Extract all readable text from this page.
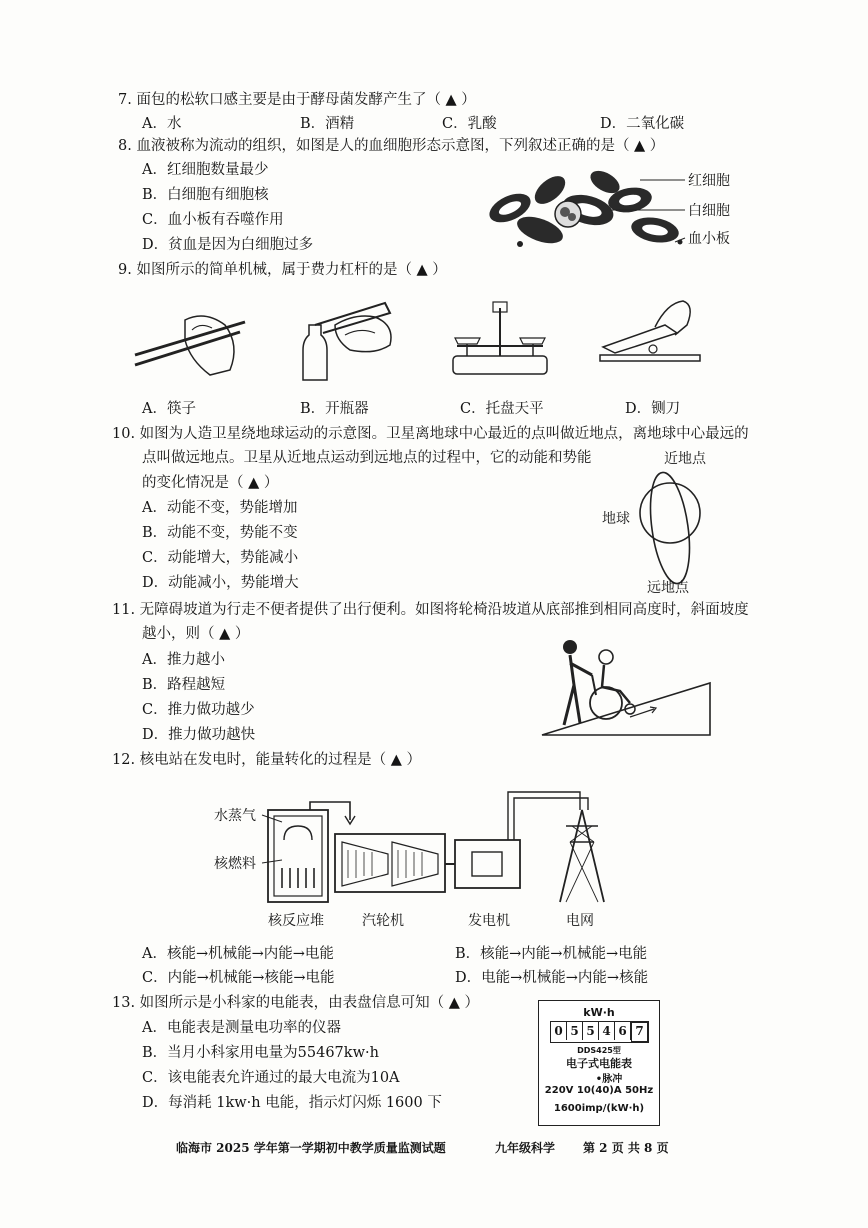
7. 面包的松软口感主要是由于酵母菌发酵产生了（ ▲ ）
A．水	B．酒精	C．乳酸	D．二氧化碳
8. 血液被称为流动的组织，如图是人的血细胞形态示意图，下列叙述正确的是（ ▲ ）
A．红细胞数量最少
B．白细胞有细胞核
C．血小板有吞噬作用
D．贫血是因为白细胞过多
红细胞
白细胞
血小板
9. 如图所示的简单机械，属于费力杠杆的是（ ▲ ）
A．筷子	B．开瓶器	C．托盘天平	D．铡刀
10. 如图为人造卫星绕地球运动的示意图。卫星离地球中心最近的点叫做近地点，离地球中心最远的
点叫做远地点。卫星从近地点运动到远地点的过程中，它的动能和势能
的变化情况是（ ▲ ）
A．动能不变，势能增加
B．动能不变，势能不变
C．动能增大，势能减小
D．动能减小，势能增大
近地点
地球
远地点
11. 无障碍坡道为行走不便者提供了出行便利。如图将轮椅沿坡道从底部推到相同高度时，斜面坡度
越小，则（ ▲ ）
A．推力越小
B．路程越短
C．推力做功越少
D．推力做功越快
12. 核电站在发电时，能量转化的过程是（ ▲ ）
水蒸气
核燃料
核反应堆	汽轮机	发电机	电网
A．核能→机械能→内能→电能	B．核能→内能→机械能→电能
C．内能→机械能→核能→电能	D．电能→机械能→内能→核能
13. 如图所示是小科家的电能表，由表盘信息可知（ ▲ ）
A．电能表是测量电功率的仪器
B．当月小科家用电量为55467kw·h
C．该电能表允许通过的最大电流为10A
D．每消耗 1kw·h 电能，指示灯闪烁 1600 下
kW·h
0 5 5 4 6 7
DDS425型
电子式电能表
•脉冲
220V 10(40)A 50Hz
1600imp/(kW·h)
临海市 2025 学年第一学期初中教学质量监测试题	九年级科学 第 2 页 共 8 页
